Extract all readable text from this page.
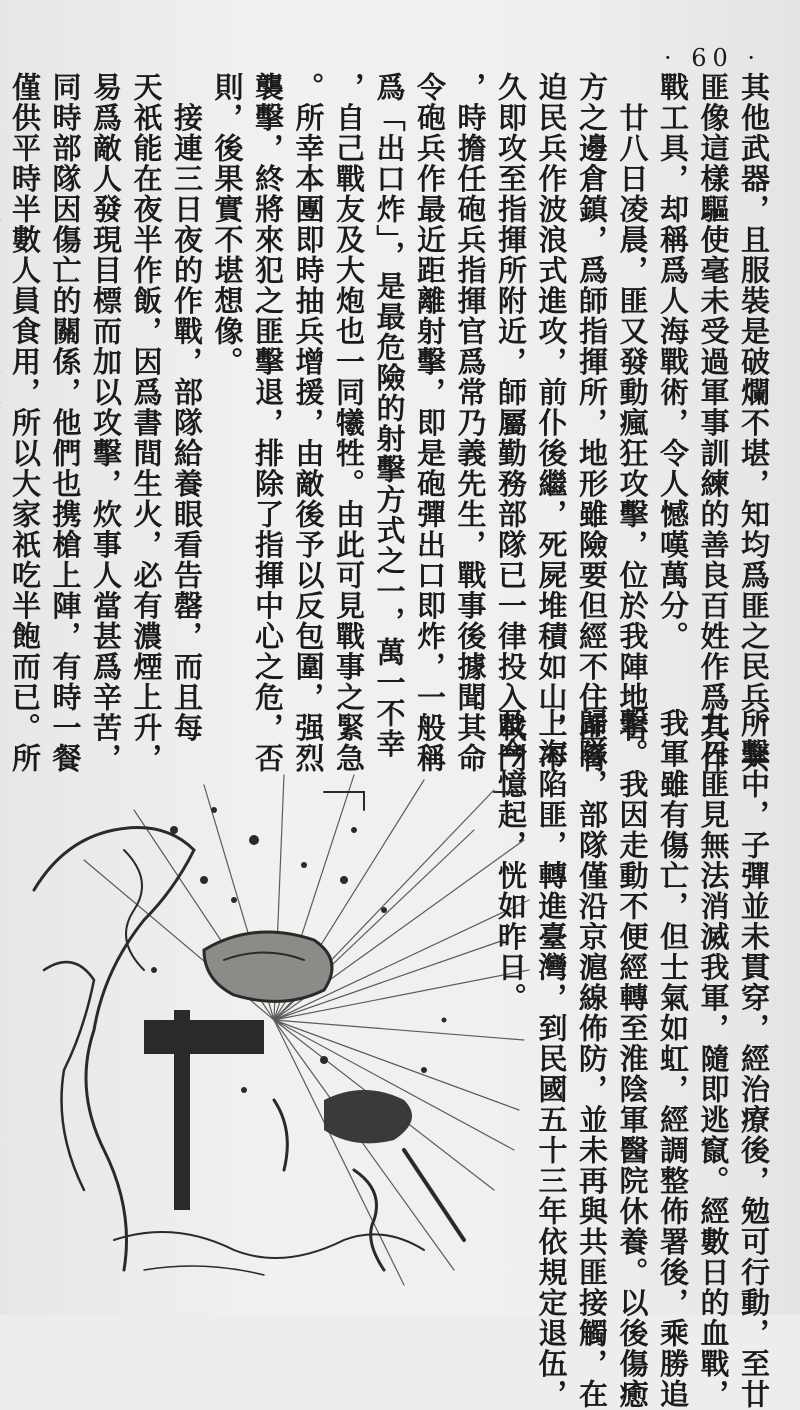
· 60 ·
其他武器，且服裝是破爛不堪，知均爲匪之民兵。共
匪像這樣驅使毫未受過軍事訓練的善良百姓作爲其作
戰工具，却稱爲人海戰術，令人憾嘆萬分。
　廿八日凌晨，匪又發動瘋狂攻擊，位於我陣地右
方之邊倉鎮，爲師指揮所，地形雖險要但經不住匪脅
迫民兵作波浪式進攻，前仆後繼，死屍堆積如山，不
久即攻至指揮所附近，師屬勤務部隊已一律投入戰鬥
，時擔任砲兵指揮官爲常乃義先生，戰事後據聞其命
令砲兵作最近距離射擊，即是砲彈出口即炸，一般稱
爲「出口炸」，是最危險的射擊方式之一，萬一不幸
，自己戰友及大炮也一同犧牲。由此可見戰事之緊急
。所幸本團即時抽兵增援，由敵後予以反包圍，强烈
襲擊，終將來犯之匪擊退，排除了指揮中心之危，否
則，後果實不堪想像。
　接連三日夜的作戰，部隊給養眼看告罄，而且每
天祇能在夜半作飯，因爲書間生火，必有濃煙上升，
易爲敵人發現目標而加以攻擊，炊事人當甚爲辛苦，
同時部隊因傷亡的關係，他們也携槍上陣，有時一餐
僅供平時半數人員食用，所以大家祇吃半飽而已。所

所擊中，子彈並未貫穿，經治療後，勉可行動，至廿
九日匪見無法消滅我軍，隨即逃竄。經數日的血戰，
我軍雖有傷亡，但士氣如虹，經調整佈署後，乘勝追
擊。我因走動不便經轉至淮陰軍醫院休養。以後傷癒
歸隊，部隊僅沿京滬線佈防，並未再與共匪接觸，在
上海陷匪，轉進臺灣，到民國五十三年依規定退伍，
及今憶起，恍如昨日。
